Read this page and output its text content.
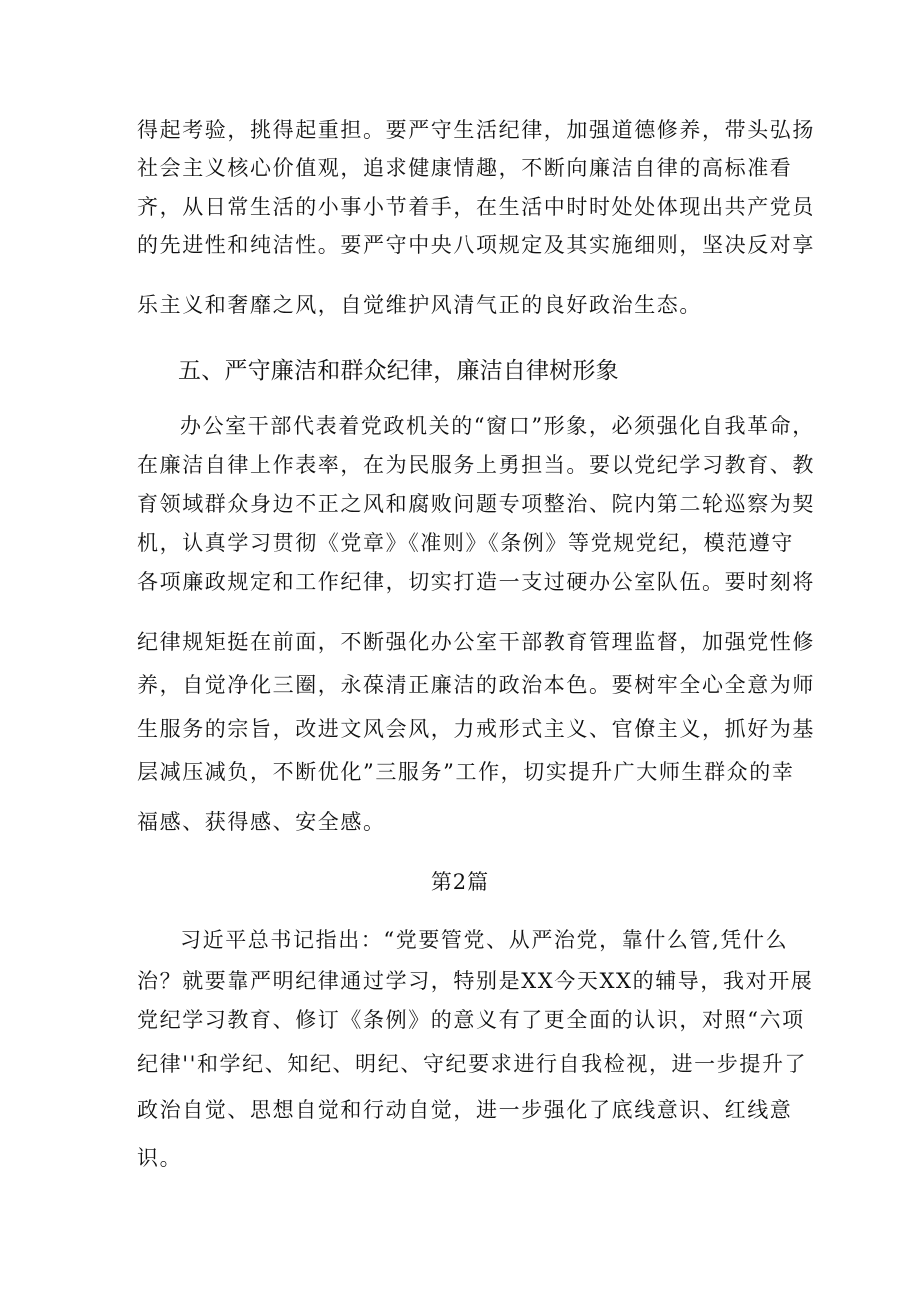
得起考验，挑得起重担。要严守生活纪律，加强道德修养，带头弘扬
社会主义核心价值观，追求健康情趣，不断向廉洁自律的高标准看
齐，从日常生活的小事小节着手，在生活中时时处处体现出共产党员
的先进性和纯洁性。要严守中央八项规定及其实施细则，坚决反对享
乐主义和奢靡之风，自觉维护风清气正的良好政治生态。
五、严守廉洁和群众纪律，廉洁自律树形象
办公室干部代表着党政机关的“窗口”形象，必须强化自我革命，
在廉洁自律上作表率，在为民服务上勇担当。要以党纪学习教育、教
育领域群众身边不正之风和腐败问题专项整治、院内第二轮巡察为契
机，认真学习贯彻《党章》《准则》《条例》等党规党纪，模范遵守
各项廉政规定和工作纪律，切实打造一支过硬办公室队伍。要时刻将
纪律规矩挺在前面，不断强化办公室干部教育管理监督，加强党性修
养，自觉净化三圈，永葆清正廉洁的政治本色。要树牢全心全意为师
生服务的宗旨，改进文风会风，力戒形式主义、官僚主义，抓好为基
层减压减负，不断优化”三服务”工作，切实提升广大师生群众的幸
福感、获得感、安全感。
第2篇
习近平总书记指出：“党要管党、从严治党，靠什么管,凭什么
治？就要靠严明纪律通过学习，特别是XX今天XX的辅导，我对开展
党纪学习教育、修订《条例》的意义有了更全面的认识，对照“六项
纪律''和学纪、知纪、明纪、守纪要求进行自我检视，进一步提升了
政治自觉、思想自觉和行动自觉，进一步强化了底线意识、红线意
识。
